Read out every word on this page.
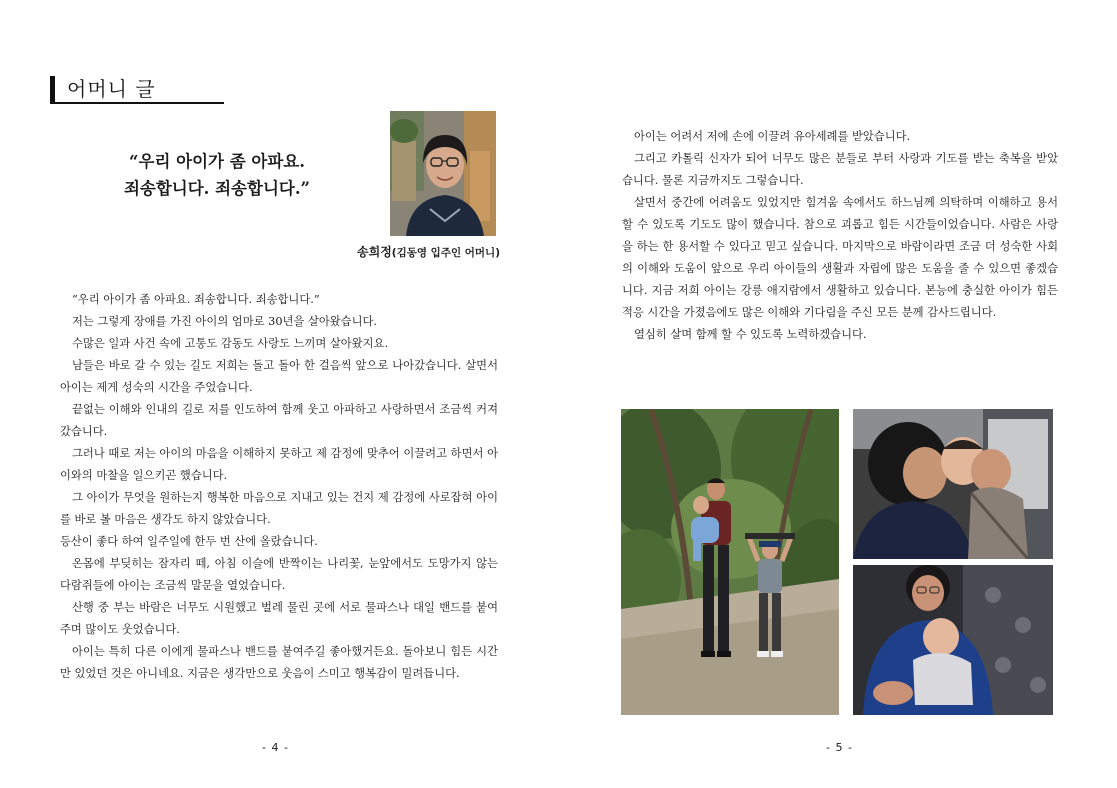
어머니 글
“우리 아이가 좀 아파요.
죄송합니다. 죄송합니다.”
송희정(김동영 입주인 어머니)

“우리 아이가 좀 아파요. 죄송합니다. 죄송합니다.”

저는 그렇게 장애를 가진 아이의 엄마로 30년을 살아왔습니다.

수많은 일과 사건 속에 고통도 감동도 사랑도 느끼며 살아왔지요.

남들은 바로 갈 수 있는 길도 저희는 돌고 돌아 한 걸음씩 앞으로 나아갔습니다. 살면서 아이는 제게 성숙의 시간을 주었습니다.

끝없는 이해와 인내의 길로 저를 인도하여 함께 웃고 아파하고 사랑하면서 조금씩 커져갔습니다.

그러나 때로 저는 아이의 마음을 이해하지 못하고 제 감정에 맞추어 이끌려고 하면서 아이와의 마찰을 일으키곤 했습니다.

그 아이가 무엇을 원하는지 행복한 마음으로 지내고 있는 건지 제 감정에 사로잡혀 아이를 바로 볼 마음은 생각도 하지 않았습니다.

등산이 좋다 하여 일주일에 한두 번 산에 올랐습니다.

온몸에 부딪히는 잠자리 떼, 아침 이슬에 반짝이는 나리꽃, 눈앞에서도 도망가지 않는 다람쥐들에 아이는 조금씩 말문을 열었습니다.

산행 중 부는 바람은 너무도 시원했고 벌레 물린 곳에 서로 물파스나 대일 밴드를 붙여주며 많이도 웃었습니다.

아이는 특히 다른 이에게 물파스나 밴드를 붙여주길 좋아했거든요. 돌아보니 힘든 시간만 있었던 것은 아니네요. 지금은 생각만으로 웃음이 스미고 행복감이 밀려듭니다.

- 4 -

아이는 어려서 저에 손에 이끌려 유아세례를 받았습니다.

그리고 카톨릭 신자가 되어 너무도 많은 분들로 부터 사랑과 기도를 받는 축복을 받았습니다. 물론 지금까지도 그렇습니다.

살면서 중간에 어려움도 있었지만 힘겨움 속에서도 하느님께 의탁하며 이해하고 용서할 수 있도록 기도도 많이 했습니다. 참으로 괴롭고 힘든 시간들이었습니다. 사람은 사랑을 하는 한 용서할 수 있다고 믿고 싶습니다. 마지막으로 바람이라면 조금 더 성숙한 사회의 이해와 도움이 앞으로 우리 아이들의 생활과 자립에 많은 도움을 줄 수 있으면 좋겠습니다. 지금 저희 아이는 강릉 애지람에서 생활하고 있습니다. 본능에 충실한 아이가 힘든 적응 시간을 가졌음에도 많은 이해와 기다림을 주신 모든 분께 감사드립니다.

열심히 살며 함께 할 수 있도록 노력하겠습니다.

- 5 -
